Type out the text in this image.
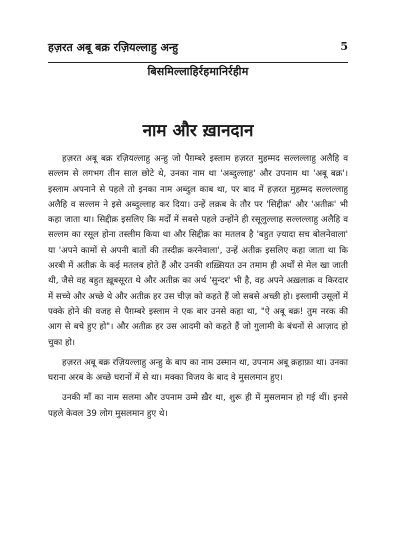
हज़रत अबू बक्र रज़ियल्लाहु अन्हु	5
बिसमिल्लाहिर्रहमानिर्रहीम
नाम और ख़ानदान

हज़रत अबू बक्र रज़ियल्लाहु अन्हु जो पैग़म्बरे इस्लाम हज़रत मुहम्मद सल्लल्लाहु अलैहि व सल्लम से लगभग तीन साल छोटे थे, उनका नाम था 'अब्दुल्लाह' और उपनाम था 'अबू बक्र'। इस्लाम अपनाने से पहले तो इनका नाम अब्दुल काब था, पर बाद में हज़रत मुहम्मद सल्लल्लाहु अलैहि व सल्लम ने इसे अब्दुल्लाह कर दिया। उन्हें लक़ब के तौर पर 'सिद्दीक़' और 'अतीक़' भी कहा जाता था। सिद्दीक़ इसलिए कि मर्दों में सबसे पहले उन्होंने ही रसूलुल्लाह सल्लल्लाहु अलैहि व सल्लम का रसूल होना तस्लीम किया था और सिद्दीक़ का मतलब है 'बहुत ज़्यादा सच बोलनेवाला' या 'अपने कामों से अपनी बातों की तस्दीक़ करनेवाला', उन्हें अतीक़ इसलिए कहा जाता था कि अरबी में अतीक़ के कई मतलब होते हैं और उनकी शख़्सियत उन तमाम ही अर्थों से मेल खा जाती थी, जैसे वह बहुत ख़ूबसूरत थे और अतीक़ का अर्थ 'सुन्दर' भी है, वह अपने अख़लाक़ व किरदार में सच्चे और अच्छे थे और अतीक़ हर उस चीज़ को कहते हैं जो सबसे अच्छी हो। इस्लामी उसूलों में पक्के होने की वजह से पैग़म्बरे इस्लाम ने एक बार उनसे कहा था, "ऐ अबू बक्र! तुम नरक की आग से बचे हुए हो"। और अतीक़ हर उस आदमी को कहते हैं जो गुलामी के बंधनों से आज़ाद हो चुका हो।

हज़रत अबू बक्र रज़ियल्लाहु अन्हु के बाप का नाम उस्मान था, उपनाम अबू क़हाफ़ा था। उनका घराना अरब के अच्छे घरानों में से था। मक्का विजय के बाद वे मुसलमान हुए।

उनकी माँ का नाम सलमा और उपनाम उम्मे ख़ैर था, शुरू ही में मुसलमान हो गई थीं। इनसे पहले केवल 39 लोग मुसलमान हुए थे।
